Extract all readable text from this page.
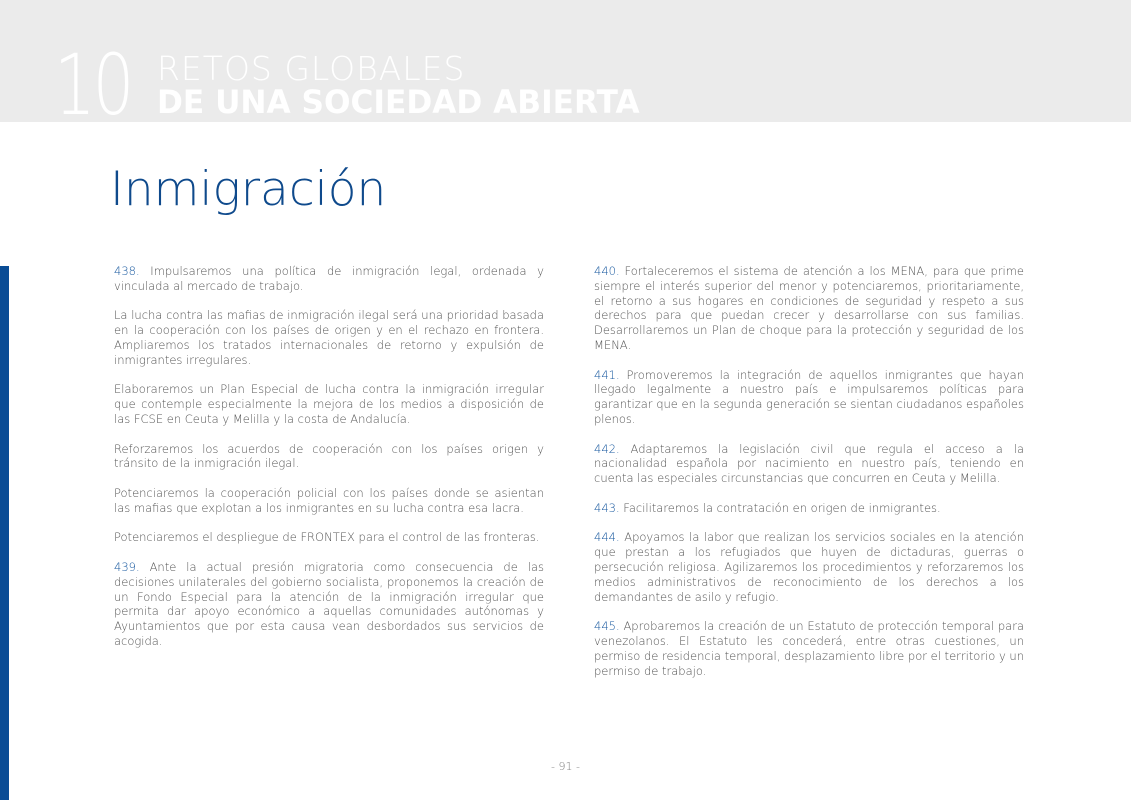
10 RETOS GLOBALES
DE UNA SOCIEDAD ABIERTA
Inmigración

438. Impulsaremos una política de inmigración legal, ordenada y vinculada al mercado de trabajo.

La lucha contra las mafias de inmigración ilegal será una prioridad basada en la cooperación con los países de origen y en el rechazo en frontera. Ampliaremos los tratados internacionales de retorno y expulsión de inmigrantes irregulares.

Elaboraremos un Plan Especial de lucha contra la inmigración irregular que contemple especialmente la mejora de los medios a disposición de las FCSE en Ceuta y Melilla y la costa de Andalucía.

Reforzaremos los acuerdos de cooperación con los países origen y tránsito de la inmigración ilegal.

Potenciaremos la cooperación policial con los países donde se asientan las mafias que explotan a los inmigrantes en su lucha contra esa lacra.

Potenciaremos el despliegue de FRONTEX para el control de las fronteras.

439. Ante la actual presión migratoria como consecuencia de las decisiones unilaterales del gobierno socialista, proponemos la creación de un Fondo Especial para la atención de la inmigración irregular que permita dar apoyo económico a aquellas comunidades autónomas y Ayuntamientos que por esta causa vean desbordados sus servicios de acogida.

440. Fortaleceremos el sistema de atención a los MENA, para que prime siempre el interés superior del menor y potenciaremos, prioritariamente, el retorno a sus hogares en condiciones de seguridad y respeto a sus derechos para que puedan crecer y desarrollarse con sus familias. Desarrollaremos un Plan de choque para la protección y seguridad de los MENA.

441. Promoveremos la integración de aquellos inmigrantes que hayan llegado legalmente a nuestro país e impulsaremos políticas para garantizar que en la segunda generación se sientan ciudadanos españoles plenos.

442. Adaptaremos la legislación civil que regula el acceso a la nacionalidad española por nacimiento en nuestro país, teniendo en cuenta las especiales circunstancias que concurren en Ceuta y Melilla.

443. Facilitaremos la contratación en origen de inmigrantes.

444. Apoyamos la labor que realizan los servicios sociales en la atención que prestan a los refugiados que huyen de dictaduras, guerras o persecución religiosa. Agilizaremos los procedimientos y reforzaremos los medios administrativos de reconocimiento de los derechos a los demandantes de asilo y refugio.

445. Aprobaremos la creación de un Estatuto de protección temporal para venezolanos. El Estatuto les concederá, entre otras cuestiones, un permiso de residencia temporal, desplazamiento libre por el territorio y un permiso de trabajo.

- 91 -
